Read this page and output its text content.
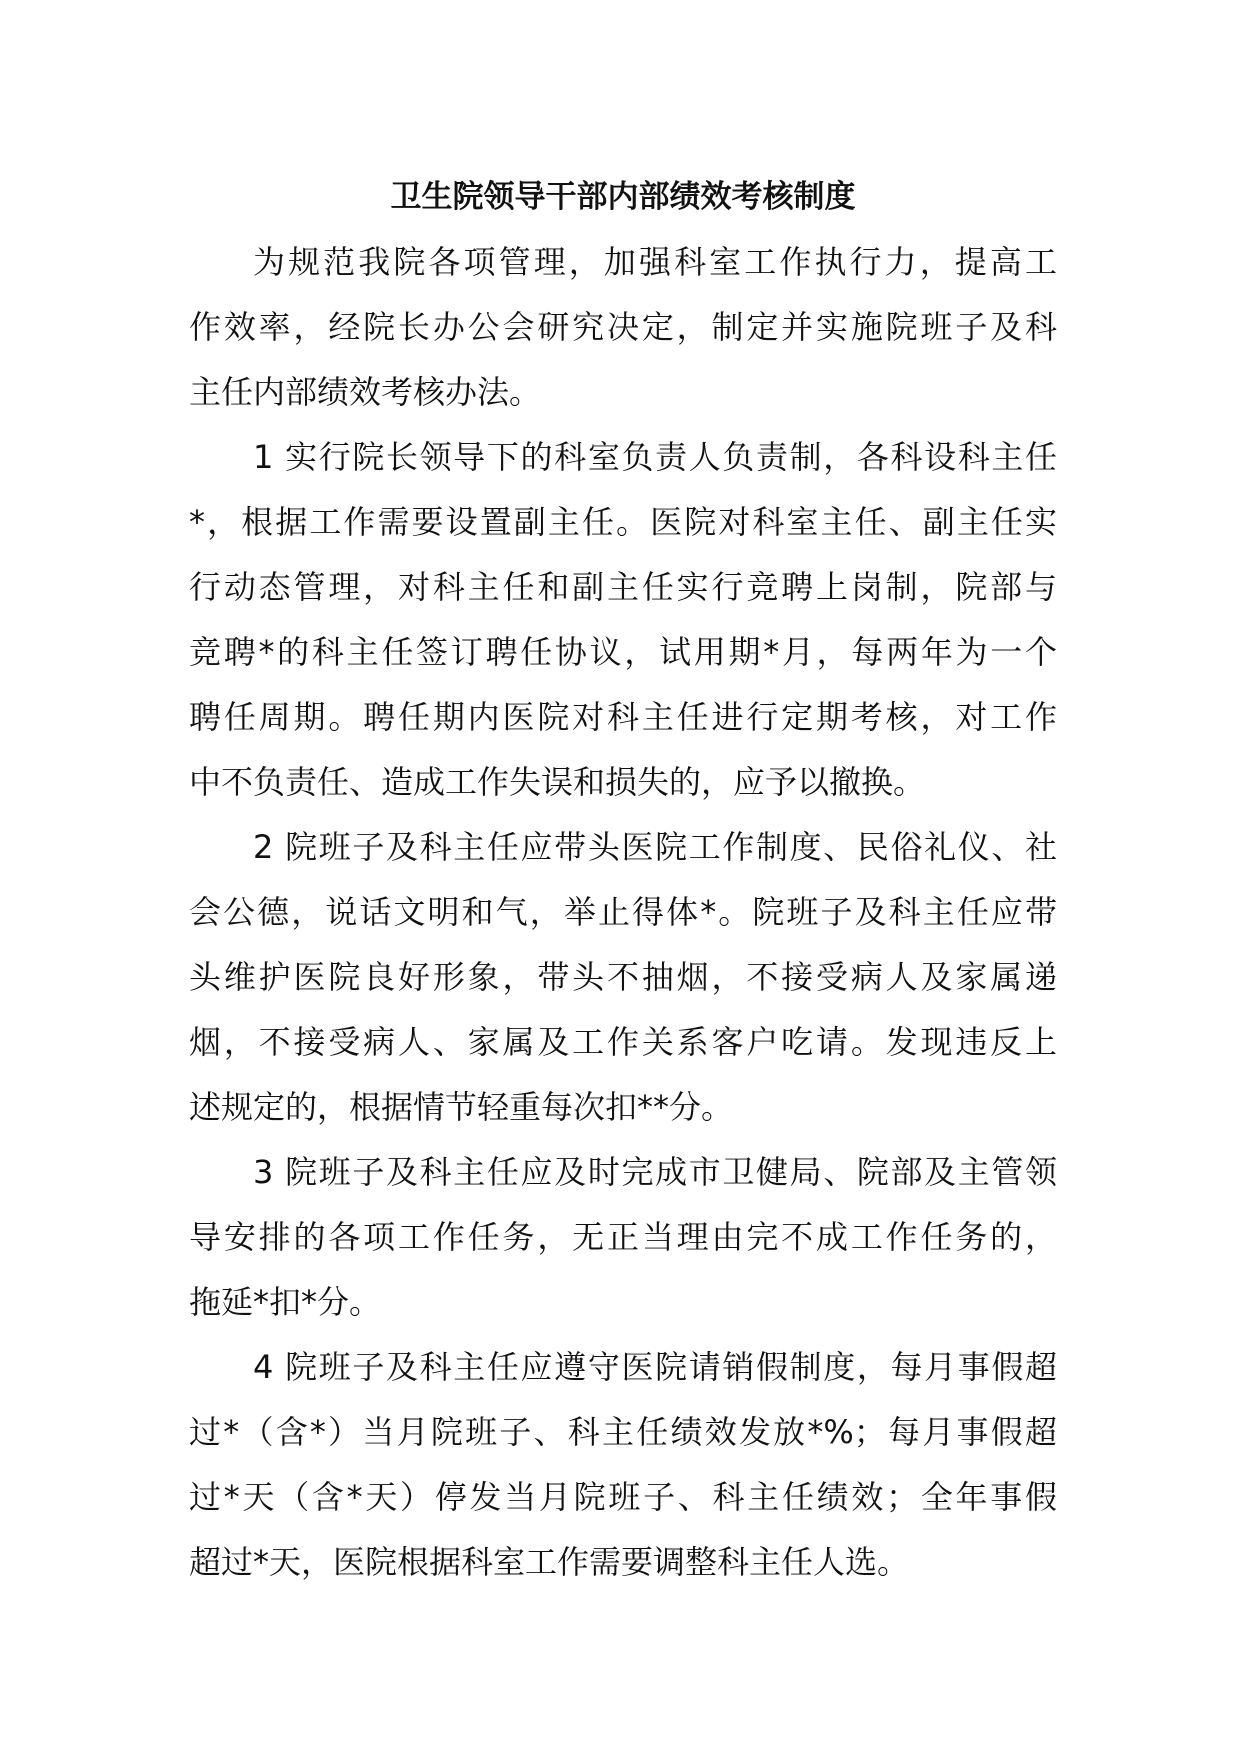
卫生院领导干部内部绩效考核制度
为规范我院各项管理，加强科室工作执行力，提高工
作效率，经院长办公会研究决定，制定并实施院班子及科
主任内部绩效考核办法。
1 实行院长领导下的科室负责人负责制，各科设科主任
*，根据工作需要设置副主任。医院对科室主任、副主任实
行动态管理，对科主任和副主任实行竞聘上岗制，院部与
竞聘*的科主任签订聘任协议，试用期*月，每两年为一个
聘任周期。聘任期内医院对科主任进行定期考核，对工作
中不负责任、造成工作失误和损失的，应予以撤换。
2 院班子及科主任应带头医院工作制度、民俗礼仪、社
会公德，说话文明和气，举止得体*。院班子及科主任应带
头维护医院良好形象，带头不抽烟，不接受病人及家属递
烟，不接受病人、家属及工作关系客户吃请。发现违反上
述规定的，根据情节轻重每次扣**分。
3 院班子及科主任应及时完成市卫健局、院部及主管领
导安排的各项工作任务，无正当理由完不成工作任务的，
拖延*扣*分。
4 院班子及科主任应遵守医院请销假制度，每月事假超
过*（含*）当月院班子、科主任绩效发放*%；每月事假超
过*天（含*天）停发当月院班子、科主任绩效；全年事假
超过*天，医院根据科室工作需要调整科主任人选。
